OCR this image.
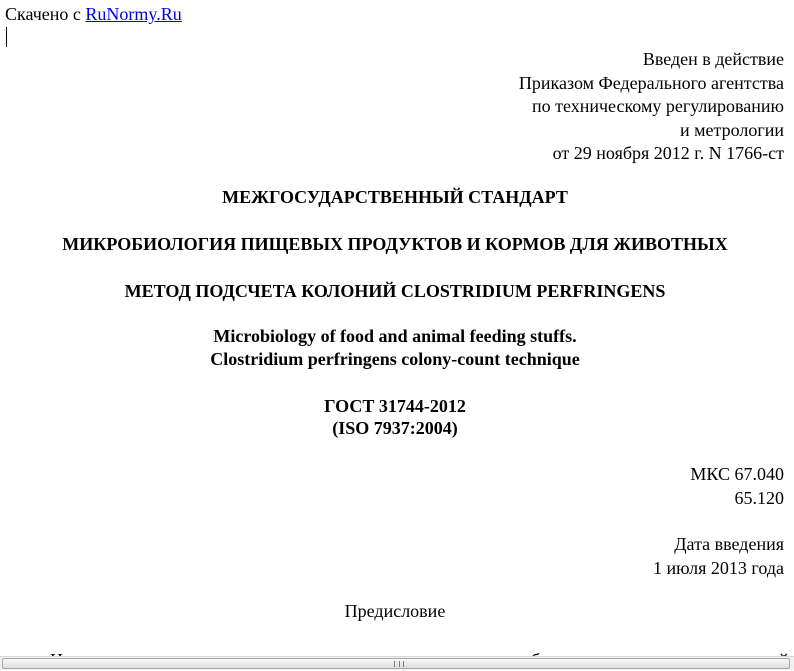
Скачено с RuNormy.Ru
Введен в действие
Приказом Федерального агентства
по техническому регулированию
и метрологии
от 29 ноября 2012 г. N 1766-ст
МЕЖГОСУДАРСТВЕННЫЙ СТАНДАРТ
МИКРОБИОЛОГИЯ ПИЩЕВЫХ ПРОДУКТОВ И КОРМОВ ДЛЯ ЖИВОТНЫХ
МЕТОД ПОДСЧЕТА КОЛОНИЙ CLOSTRIDIUM PERFRINGENS
Microbiology of food and animal feeding stuffs.
Clostridium perfringens colony-count technique
ГОСТ 31744-2012
(ISO 7937:2004)
МКС 67.040
65.120
Дата введения
1 июля 2013 года
Предисловие
